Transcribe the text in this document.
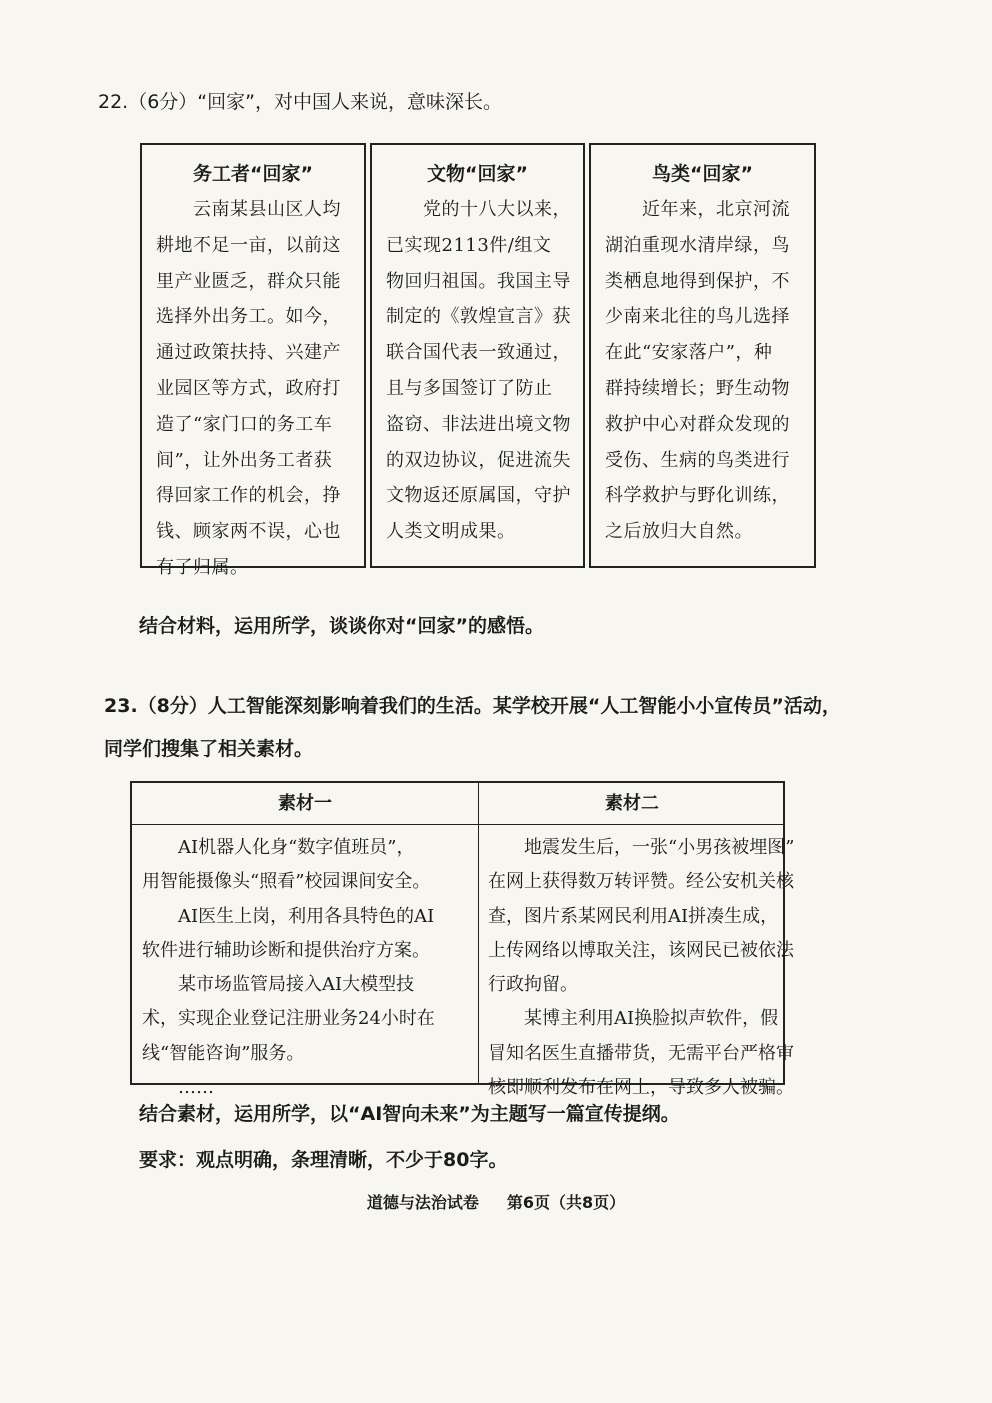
22.（6分）“回家”，对中国人来说，意味深长。
务工者“回家”
　　云南某县山区人均
耕地不足一亩，以前这
里产业匮乏，群众只能
选择外出务工。如今，
通过政策扶持、兴建产
业园区等方式，政府打
造了“家门口的务工车
间”，让外出务工者获
得回家工作的机会，挣
钱、顾家两不误，心也
有了归属。
文物“回家”
　　党的十八大以来，
已实现2113件/组文
物回归祖国。我国主导
制定的《敦煌宣言》获
联合国代表一致通过，
且与多国签订了防止
盗窃、非法进出境文物
的双边协议，促进流失
文物返还原属国，守护
人类文明成果。
鸟类“回家”
　　近年来，北京河流
湖泊重现水清岸绿，鸟
类栖息地得到保护，不
少南来北往的鸟儿选择
在此“安家落户”，种
群持续增长；野生动物
救护中心对群众发现的
受伤、生病的鸟类进行
科学救护与野化训练，
之后放归大自然。
结合材料，运用所学，谈谈你对“回家”的感悟。
23.（8分）人工智能深刻影响着我们的生活。某学校开展“人工智能小小宣传员”活动，
同学们搜集了相关素材。
素材一
　　AI机器人化身“数字值班员”，
用智能摄像头“照看”校园课间安全。
　　AI医生上岗，利用各具特色的AI
软件进行辅助诊断和提供治疗方案。
　　某市场监管局接入AI大模型技
术，实现企业登记注册业务24小时在
线“智能咨询”服务。
　　……
素材二
　　地震发生后，一张“小男孩被埋图”
在网上获得数万转评赞。经公安机关核
查，图片系某网民利用AI拼凑生成，
上传网络以博取关注，该网民已被依法
行政拘留。
　　某博主利用AI换脸拟声软件，假
冒知名医生直播带货，无需平台严格审
核即顺利发布在网上，导致多人被骗。
结合素材，运用所学，以“AI智向未来”为主题写一篇宣传提纲。
要求：观点明确，条理清晰，不少于80字。
道德与法治试卷 第6页（共8页）
